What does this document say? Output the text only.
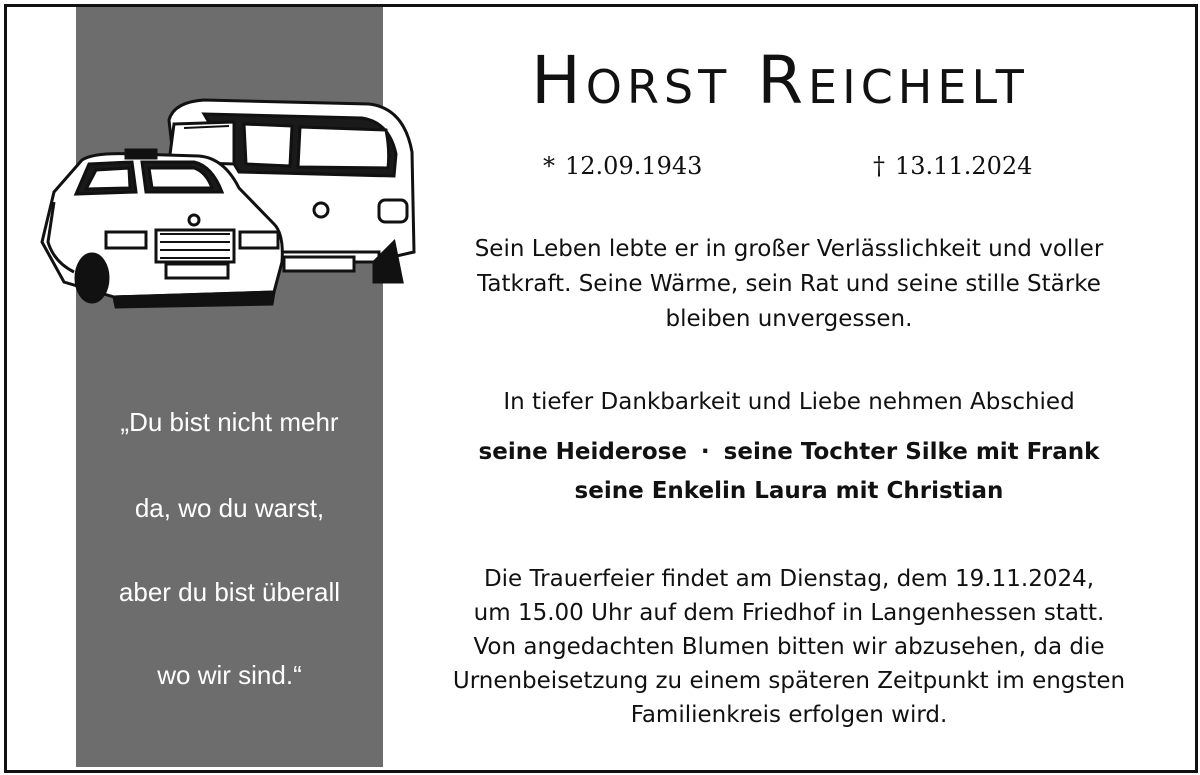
„Du bist nicht mehr
da, wo du warst,
aber du bist überall
wo wir sind.“
Horst Reichelt
* 12.09.1943	† 13.11.2024
Sein Leben lebte er in großer Verlässlichkeit und voller
Tatkraft. Seine Wärme, sein Rat und seine stille Stärke
bleiben unvergessen.
In tiefer Dankbarkeit und Liebe nehmen Abschied
seine Heiderose · seine Tochter Silke mit Frank
seine Enkelin Laura mit Christian
Die Trauerfeier findet am Dienstag, dem 19.11.2024,
um 15.00 Uhr auf dem Friedhof in Langenhessen statt.
Von angedachten Blumen bitten wir abzusehen, da die
Urnenbeisetzung zu einem späteren Zeitpunkt im engsten
Familienkreis erfolgen wird.
